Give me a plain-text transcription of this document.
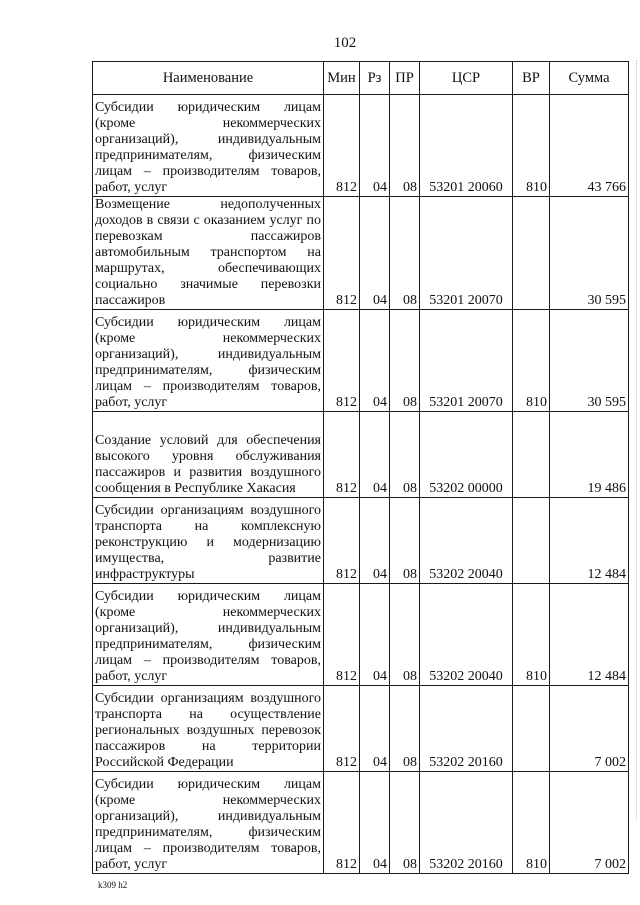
102
Наименование	Мин	Рз	ПР	ЦСР	ВР	Сумма
Субсидии юридическим лицам (кроме некоммерческих организаций), индивидуальным предпринимателям, физическим лицам – производителям товаров, работ, услуг	812	04	08	53201 20060	810	43 766
Возмещение недополученных доходов в связи с оказанием услуг по перевозкам пассажиров автомобильным транспортом на маршрутах, обеспечивающих социально значимые перевозки пассажиров	812	04	08	53201 20070		30 595
Субсидии юридическим лицам (кроме некоммерческих организаций), индивидуальным предпринимателям, физическим лицам – производителям товаров, работ, услуг	812	04	08	53201 20070	810	30 595
Создание условий для обеспечения высокого уровня обслуживания пассажиров и развития воздушного сообщения в Республике Хакасия	812	04	08	53202 00000		19 486
Субсидии организациям воздушного транспорта на комплексную реконструкцию и модернизацию имущества, развитие инфраструктуры	812	04	08	53202 20040		12 484
Субсидии юридическим лицам (кроме некоммерческих организаций), индивидуальным предпринимателям, физическим лицам – производителям товаров, работ, услуг	812	04	08	53202 20040	810	12 484
Субсидии организациям воздушного транспорта на осуществление региональных воздушных перевозок пассажиров на территории Российской Федерации	812	04	08	53202 20160		7 002
Субсидии юридическим лицам (кроме некоммерческих организаций), индивидуальным предпринимателям, физическим лицам – производителям товаров, работ, услуг	812	04	08	53202 20160	810	7 002
k309 h2
